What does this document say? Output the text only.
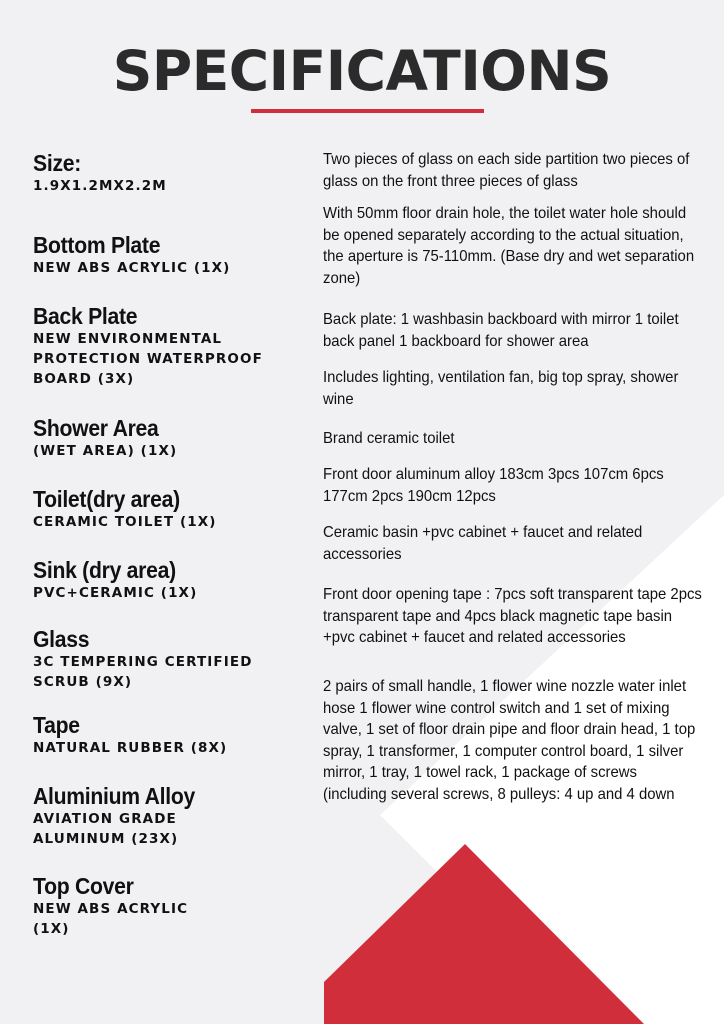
SPECIFICATIONS
Size:
1.9X1.2MX2.2M
Bottom Plate
NEW ABS ACRYLIC (1X)
Back Plate
NEW ENVIRONMENTAL PROTECTION WATERPROOF BOARD (3X)
Shower Area
(WET AREA) (1X)
Toilet(dry area)
CERAMIC TOILET (1X)
Sink (dry area)
PVC+CERAMIC (1X)
Glass
3C TEMPERING CERTIFIED SCRUB (9X)
Tape
NATURAL RUBBER (8X)
Aluminium Alloy
AVIATION GRADE ALUMINUM (23X)
Top Cover
NEW ABS ACRYLIC (1X)
Two pieces of glass on each side partition two pieces of glass on the front three pieces of glass
With 50mm floor drain hole, the toilet water hole should be opened separately according to the actual situation, the aperture is 75-110mm. (Base dry and wet separation zone)
Back plate: 1 washbasin backboard with mirror 1 toilet back panel 1 backboard for shower area
Includes lighting, ventilation fan, big top spray, shower wine
Brand ceramic toilet
Front door aluminum alloy 183cm 3pcs 107cm 6pcs 177cm 2pcs 190cm 12pcs
Ceramic basin +pvc cabinet + faucet and related accessories
Front door opening tape : 7pcs soft transparent tape 2pcs transparent tape and 4pcs black magnetic tape basin +pvc cabinet + faucet and related accessories
2 pairs of small handle, 1 flower wine nozzle water inlet hose 1 flower wine control switch and 1 set of mixing valve, 1 set of floor drain pipe and floor drain head, 1 top spray, 1 transformer, 1 computer control board, 1 silver mirror, 1 tray, 1 towel rack, 1 package of screws (including several screws, 8 pulleys: 4 up and 4 down
